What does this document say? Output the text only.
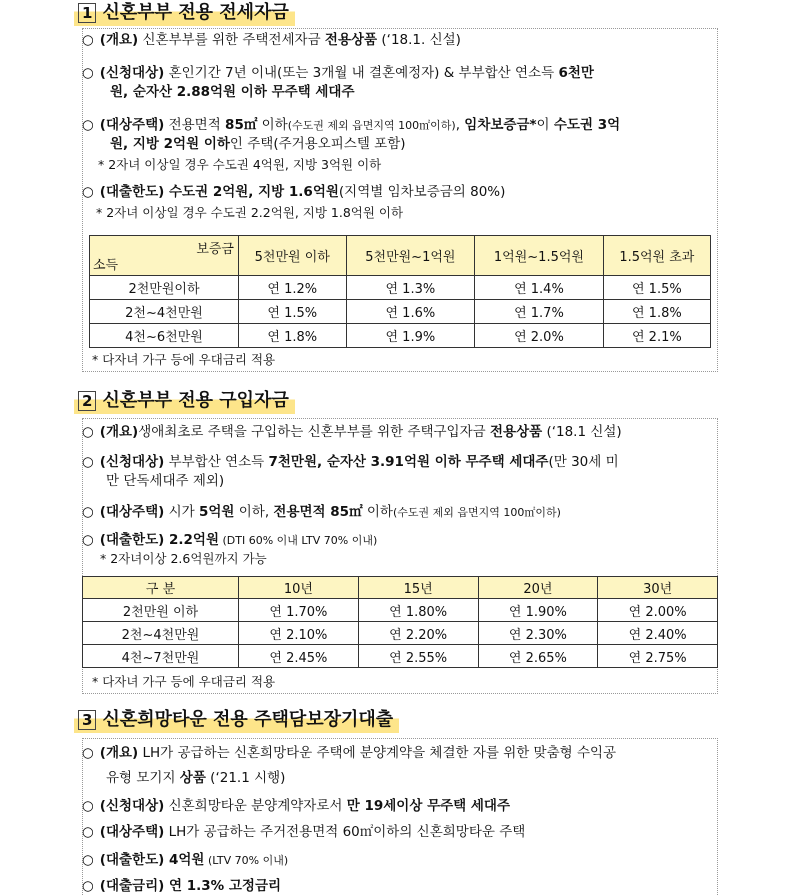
1 신혼부부 전용 전세자금
○ (개요) 신혼부부를 위한 주택전세자금 전용상품 (‘18.1. 신설)
○ (신청대상) 혼인기간 7년 이내(또는 3개월 내 결혼예정자) & 부부합산 연소득 6천만
원, 순자산 2.88억원 이하 무주택 세대주
○ (대상주택) 전용면적 85㎡ 이하(수도권 제외 읍면지역 100㎡이하), 임차보증금*이 수도권 3억
원, 지방 2억원 이하인 주택(주거용오피스텔 포함)
* 2자녀 이상일 경우 수도권 4억원, 지방 3억원 이하
○ (대출한도) 수도권 2억원, 지방 1.6억원(지역별 임차보증금의 80%)
* 2자녀 이상일 경우 수도권 2.2억원, 지방 1.8억원 이하
보증금
소득	5천만원 이하	5천만원~1억원	1억원~1.5억원	1.5억원 초과
2천만원이하	연 1.2%	연 1.3%	연 1.4%	연 1.5%
2천~4천만원	연 1.5%	연 1.6%	연 1.7%	연 1.8%
4천~6천만원	연 1.8%	연 1.9%	연 2.0%	연 2.1%
* 다자녀 가구 등에 우대금리 적용
2 신혼부부 전용 구입자금
○ (개요)생애최초로 주택을 구입하는 신혼부부를 위한 주택구입자금 전용상품 (‘18.1 신설)
○ (신청대상) 부부합산 연소득 7천만원, 순자산 3.91억원 이하 무주택 세대주(만 30세 미
만 단독세대주 제외)
○ (대상주택) 시가 5억원 이하, 전용면적 85㎡ 이하(수도권 제외 읍면지역 100㎡이하)
○ (대출한도) 2.2억원 (DTI 60% 이내 LTV 70% 이내)
* 2자녀이상 2.6억원까지 가능
구 분	10년	15년	20년	30년
2천만원 이하	연 1.70%	연 1.80%	연 1.90%	연 2.00%
2천~4천만원	연 2.10%	연 2.20%	연 2.30%	연 2.40%
4천~7천만원	연 2.45%	연 2.55%	연 2.65%	연 2.75%
* 다자녀 가구 등에 우대금리 적용
3 신혼희망타운 전용 주택담보장기대출
○ (개요) LH가 공급하는 신혼희망타운 주택에 분양계약을 체결한 자를 위한 맞춤형 수익공
유형 모기지 상품 (‘21.1 시행)
○ (신청대상) 신혼희망타운 분양계약자로서 만 19세이상 무주택 세대주
○ (대상주택) LH가 공급하는 주거전용면적 60㎡이하의 신혼희망타운 주택
○ (대출한도) 4억원 (LTV 70% 이내)
○ (대출금리) 연 1.3% 고정금리
